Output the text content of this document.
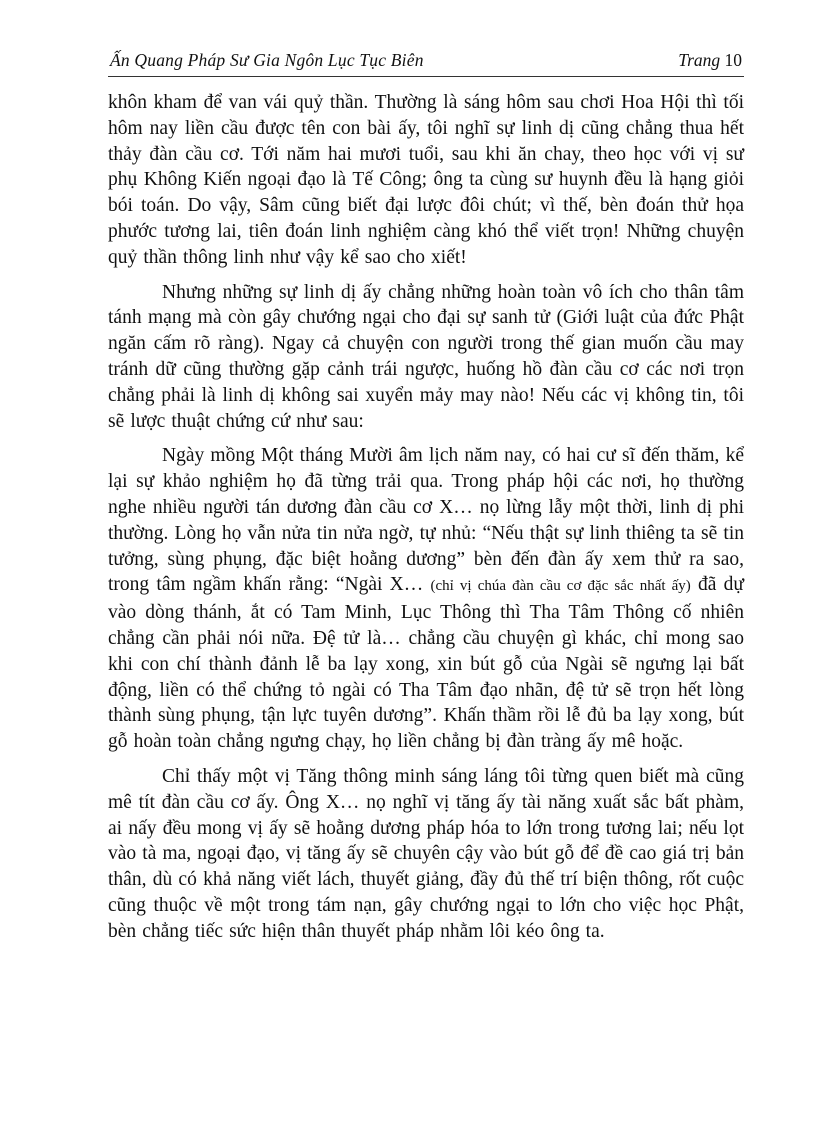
Ấn Quang Pháp Sư Gia Ngôn Lục Tục Biên	Trang 10

khôn kham để van vái quỷ thần. Thường là sáng hôm sau chơi Hoa Hội thì tối hôm nay liền cầu được tên con bài ấy, tôi nghĩ sự linh dị cũng chẳng thua hết thảy đàn cầu cơ. Tới năm hai mươi tuổi, sau khi ăn chay, theo học với vị sư phụ Không Kiến ngoại đạo là Tế Công; ông ta cùng sư huynh đều là hạng giỏi bói toán. Do vậy, Sâm cũng biết đại lược đôi chút; vì thế, bèn đoán thử họa phước tương lai, tiên đoán linh nghiệm càng khó thể viết trọn! Những chuyện quỷ thần thông linh như vậy kể sao cho xiết!

Nhưng những sự linh dị ấy chẳng những hoàn toàn vô ích cho thân tâm tánh mạng mà còn gây chướng ngại cho đại sự sanh tử (Giới luật của đức Phật ngăn cấm rõ ràng). Ngay cả chuyện con người trong thế gian muốn cầu may tránh dữ cũng thường gặp cảnh trái ngược, huống hồ đàn cầu cơ các nơi trọn chẳng phải là linh dị không sai xuyển mảy may nào! Nếu các vị không tin, tôi sẽ lược thuật chứng cứ như sau:

Ngày mồng Một tháng Mười âm lịch năm nay, có hai cư sĩ đến thăm, kể lại sự khảo nghiệm họ đã từng trải qua. Trong pháp hội các nơi, họ thường nghe nhiều người tán dương đàn cầu cơ X… nọ lừng lẫy một thời, linh dị phi thường. Lòng họ vẫn nửa tin nửa ngờ, tự nhủ: “Nếu thật sự linh thiêng ta sẽ tin tưởng, sùng phụng, đặc biệt hoằng dương” bèn đến đàn ấy xem thử ra sao, trong tâm ngầm khấn rằng: “Ngài X… (chỉ vị chúa đàn cầu cơ đặc sắc nhất ấy) đã dự vào dòng thánh, ắt có Tam Minh, Lục Thông thì Tha Tâm Thông cố nhiên chẳng cần phải nói nữa. Đệ tử là… chẳng cầu chuyện gì khác, chỉ mong sao khi con chí thành đảnh lễ ba lạy xong, xin bút gỗ của Ngài sẽ ngưng lại bất động, liền có thể chứng tỏ ngài có Tha Tâm đạo nhãn, đệ tử sẽ trọn hết lòng thành sùng phụng, tận lực tuyên dương”. Khấn thầm rồi lễ đủ ba lạy xong, bút gỗ hoàn toàn chẳng ngưng chạy, họ liền chẳng bị đàn tràng ấy mê hoặc.

Chỉ thấy một vị Tăng thông minh sáng láng tôi từng quen biết mà cũng mê tít đàn cầu cơ ấy. Ông X… nọ nghĩ vị tăng ấy tài năng xuất sắc bất phàm, ai nấy đều mong vị ấy sẽ hoằng dương pháp hóa to lớn trong tương lai; nếu lọt vào tà ma, ngoại đạo, vị tăng ấy sẽ chuyên cậy vào bút gỗ để đề cao giá trị bản thân, dù có khả năng viết lách, thuyết giảng, đầy đủ thế trí biện thông, rốt cuộc cũng thuộc về một trong tám nạn, gây chướng ngại to lớn cho việc học Phật, bèn chẳng tiếc sức hiện thân thuyết pháp nhằm lôi kéo ông ta.
